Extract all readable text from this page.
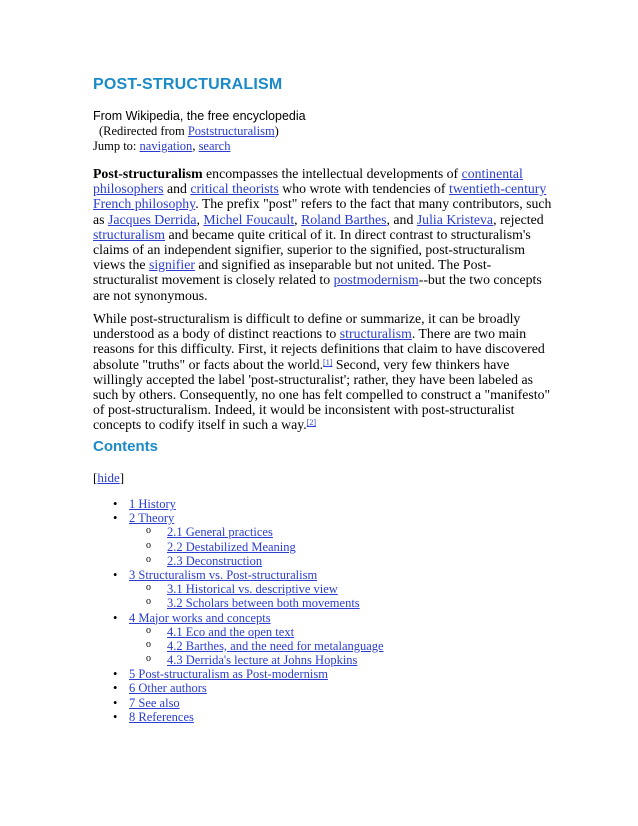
POST-STRUCTURALISM
From Wikipedia, the free encyclopedia
(Redirected from Poststructuralism)
Jump to: navigation, search
Post-structuralism encompasses the intellectual developments of continental philosophers and critical theorists who wrote with tendencies of twentieth-century French philosophy. The prefix "post" refers to the fact that many contributors, such as Jacques Derrida, Michel Foucault, Roland Barthes, and Julia Kristeva, rejected structuralism and became quite critical of it. In direct contrast to structuralism's claims of an independent signifier, superior to the signified, post-structuralism views the signifier and signified as inseparable but not united. The Post-structuralist movement is closely related to postmodernism--but the two concepts are not synonymous.
While post-structuralism is difficult to define or summarize, it can be broadly understood as a body of distinct reactions to structuralism. There are two main reasons for this difficulty. First, it rejects definitions that claim to have discovered absolute "truths" or facts about the world.[1] Second, very few thinkers have willingly accepted the label 'post-structuralist'; rather, they have been labeled as such by others. Consequently, no one has felt compelled to construct a "manifesto" of post-structuralism. Indeed, it would be inconsistent with post-structuralist concepts to codify itself in such a way.[2]
Contents
[hide]
• 1 History
• 2 Theory
o 2.1 General practices
o 2.2 Destabilized Meaning
o 2.3 Deconstruction
• 3 Structuralism vs. Post-structuralism
o 3.1 Historical vs. descriptive view
o 3.2 Scholars between both movements
• 4 Major works and concepts
o 4.1 Eco and the open text
o 4.2 Barthes, and the need for metalanguage
o 4.3 Derrida's lecture at Johns Hopkins
• 5 Post-structuralism as Post-modernism
• 6 Other authors
• 7 See also
• 8 References
